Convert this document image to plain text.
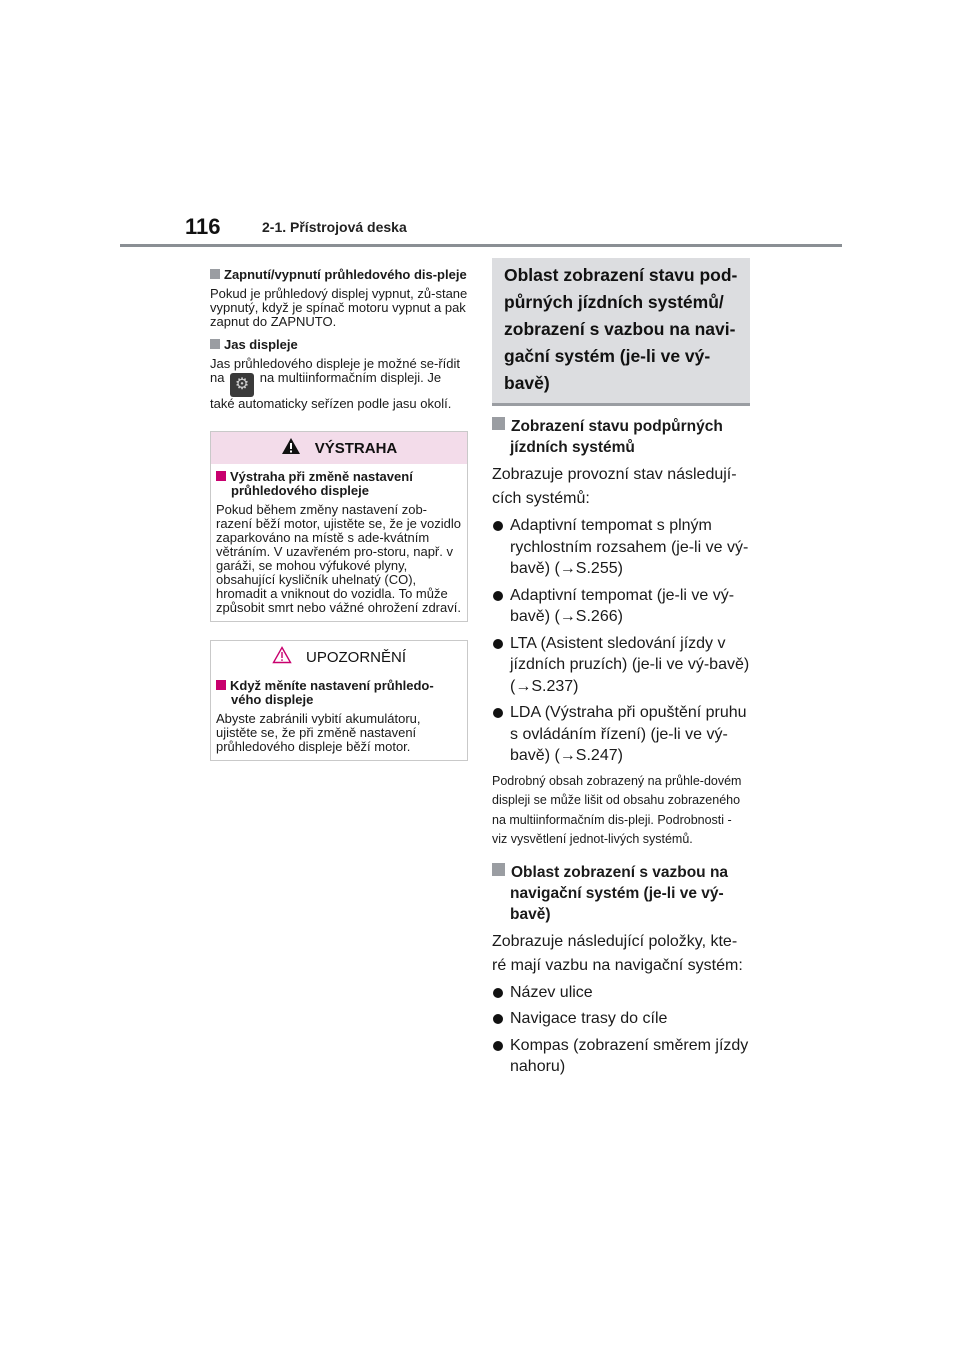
116	2-1. Přístrojová deska
Zapnutí/vypnutí průhledového dis-pleje
Pokud je průhledový displej vypnut, zů-stane vypnutý, když je spínač motoru vypnut a pak zapnut do ZAPNUTO.
Jas displeje
Jas průhledového displeje je možné se-řídit na ⚙ na multiinformačním displeji. Je také automaticky seřízen podle jasu okolí.
VÝSTRAHA
Výstraha při změně nastavení průhledového displeje
Pokud během změny nastavení zob-razení běží motor, ujistěte se, že je vozidlo zaparkováno na místě s ade-kvátním větráním. V uzavřeném pro-storu, např. v garáži, se mohou výfukové plyny, obsahující kysličník uhelnatý (CO), hromadit a vniknout do vozidla. To může způsobit smrt nebo vážné ohrožení zdraví.
UPOZORNĚNÍ
Když měníte nastavení průhledo-vého displeje
Abyste zabránili vybití akumulátoru, ujistěte se, že při změně nastavení průhledového displeje běží motor.
Oblast zobrazení stavu pod-
půrných jízdních systémů/
zobrazení s vazbou na navi-
gační systém (je-li ve vý-
bavě)
Zobrazení stavu podpůrných jízdních systémů
Zobrazuje provozní stav následují-cích systémů:
Adaptivní tempomat s plným rychlostním rozsahem (je-li ve vý-bavě) (→S.255)
Adaptivní tempomat (je-li ve vý-bavě) (→S.266)
LTA (Asistent sledování jízdy v jízdních pruzích) (je-li ve vý-bavě) (→S.237)
LDA (Výstraha při opuštění pruhu s ovládáním řízení) (je-li ve vý-bavě) (→S.247)
Podrobný obsah zobrazený na průhle-dovém displeji se může lišit od obsahu zobrazeného na multiinformačním dis-pleji. Podrobnosti - viz vysvětlení jednot-livých systémů.
Oblast zobrazení s vazbou na navigační systém (je-li ve vý-bavě)
Zobrazuje následující položky, kte-ré mají vazbu na navigační systém:
Název ulice
Navigace trasy do cíle
Kompas (zobrazení směrem jízdy nahoru)
